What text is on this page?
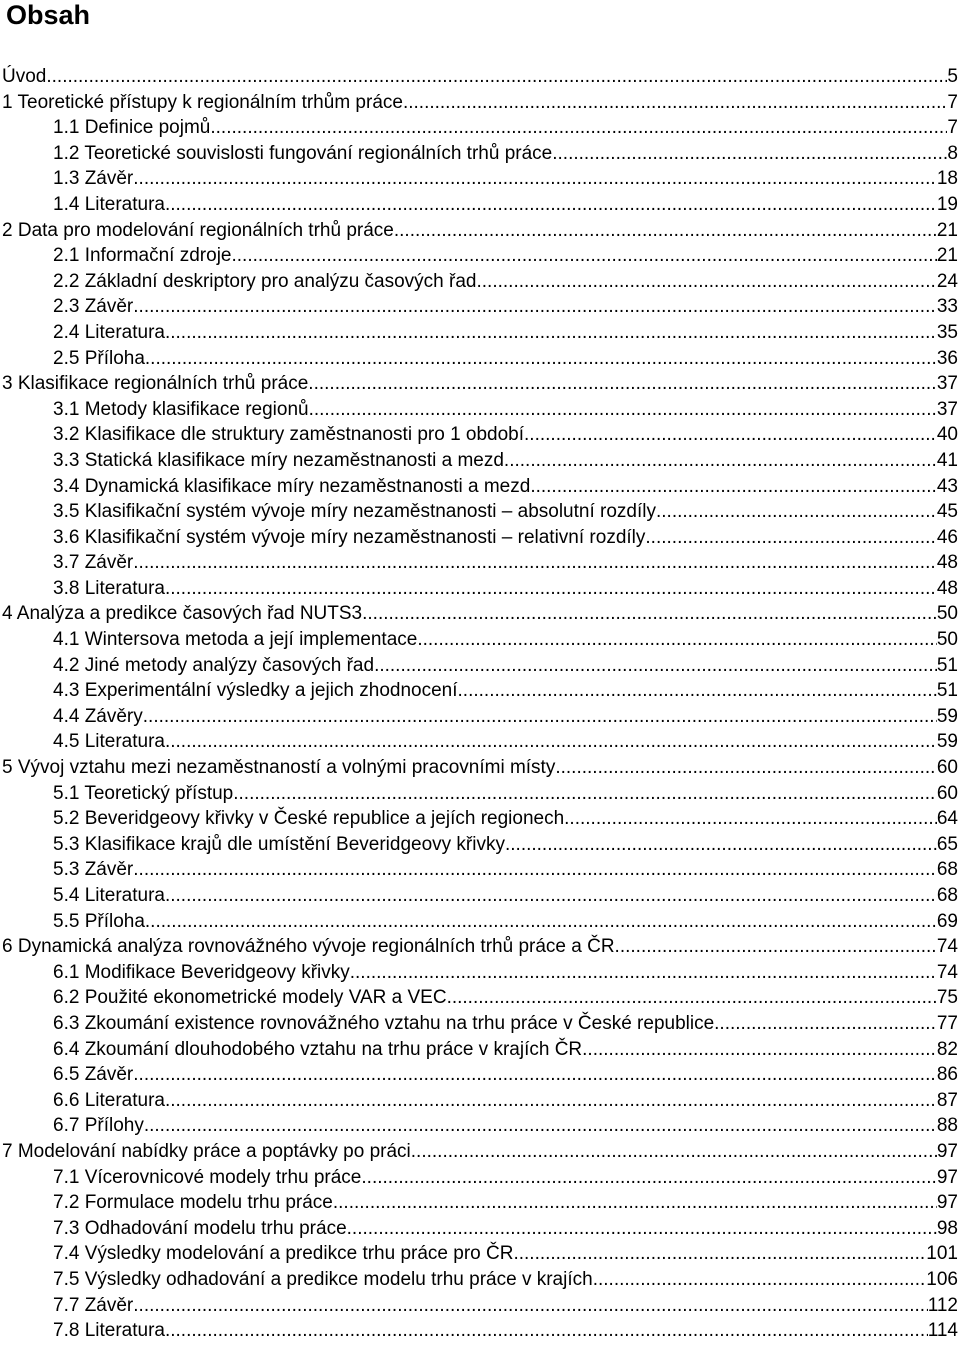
Obsah
Úvod .....	5
1 Teoretické přístupy k regionálním trhům práce .....	7
1.1 Definice pojmů .....	7
1.2 Teoretické souvislosti fungování regionálních trhů práce .....	8
1.3 Závěr .....	18
1.4 Literatura .....	19
2 Data pro modelování regionálních trhů práce .....	21
2.1 Informační zdroje .....	21
2.2 Základní deskriptory pro analýzu časových řad .....	24
2.3 Závěr .....	33
2.4 Literatura .....	35
2.5 Příloha .....	36
3 Klasifikace regionálních trhů práce .....	37
3.1 Metody klasifikace regionů .....	37
3.2 Klasifikace dle struktury zaměstnanosti pro 1 období .....	40
3.3 Statická klasifikace míry nezaměstnanosti a mezd .....	41
3.4 Dynamická klasifikace míry nezaměstnanosti a mezd .....	43
3.5 Klasifikační systém vývoje míry nezaměstnanosti – absolutní rozdíly .....	45
3.6 Klasifikační systém vývoje míry nezaměstnanosti – relativní rozdíly .....	46
3.7 Závěr .....	48
3.8 Literatura .....	48
4 Analýza a predikce časových řad NUTS3 .....	50
4.1 Wintersova metoda a její implementace .....	50
4.2 Jiné metody analýzy časových řad .....	51
4.3 Experimentální výsledky a jejich zhodnocení .....	51
4.4 Závěry .....	59
4.5 Literatura .....	59
5 Vývoj vztahu mezi nezaměstnaností a volnými pracovními místy .....	60
5.1 Teoretický přístup .....	60
5.2 Beveridgeovy křivky v České republice a jejích regionech .....	64
5.3 Klasifikace krajů dle umístění Beveridgeovy křivky .....	65
5.3 Závěr .....	68
5.4 Literatura .....	68
5.5 Příloha .....	69
6 Dynamická analýza rovnovážného vývoje regionálních trhů práce a ČR .....	74
6.1 Modifikace Beveridgeovy křivky .....	74
6.2 Použité ekonometrické modely VAR a VEC .....	75
6.3 Zkoumání existence rovnovážného vztahu na trhu práce v České republice .....	77
6.4 Zkoumání dlouhodobého vztahu na trhu práce v krajích ČR .....	82
6.5 Závěr .....	86
6.6 Literatura .....	87
6.7 Přílohy .....	88
7 Modelování nabídky práce a poptávky po práci .....	97
7.1 Vícerovnicové modely trhu práce .....	97
7.2 Formulace modelu trhu práce .....	97
7.3 Odhadování modelu trhu práce .....	98
7.4 Výsledky modelování a predikce trhu práce pro ČR .....	101
7.5 Výsledky odhadování a predikce modelu trhu práce v krajích .....	106
7.7 Závěr .....	112
7.8 Literatura .....	114
